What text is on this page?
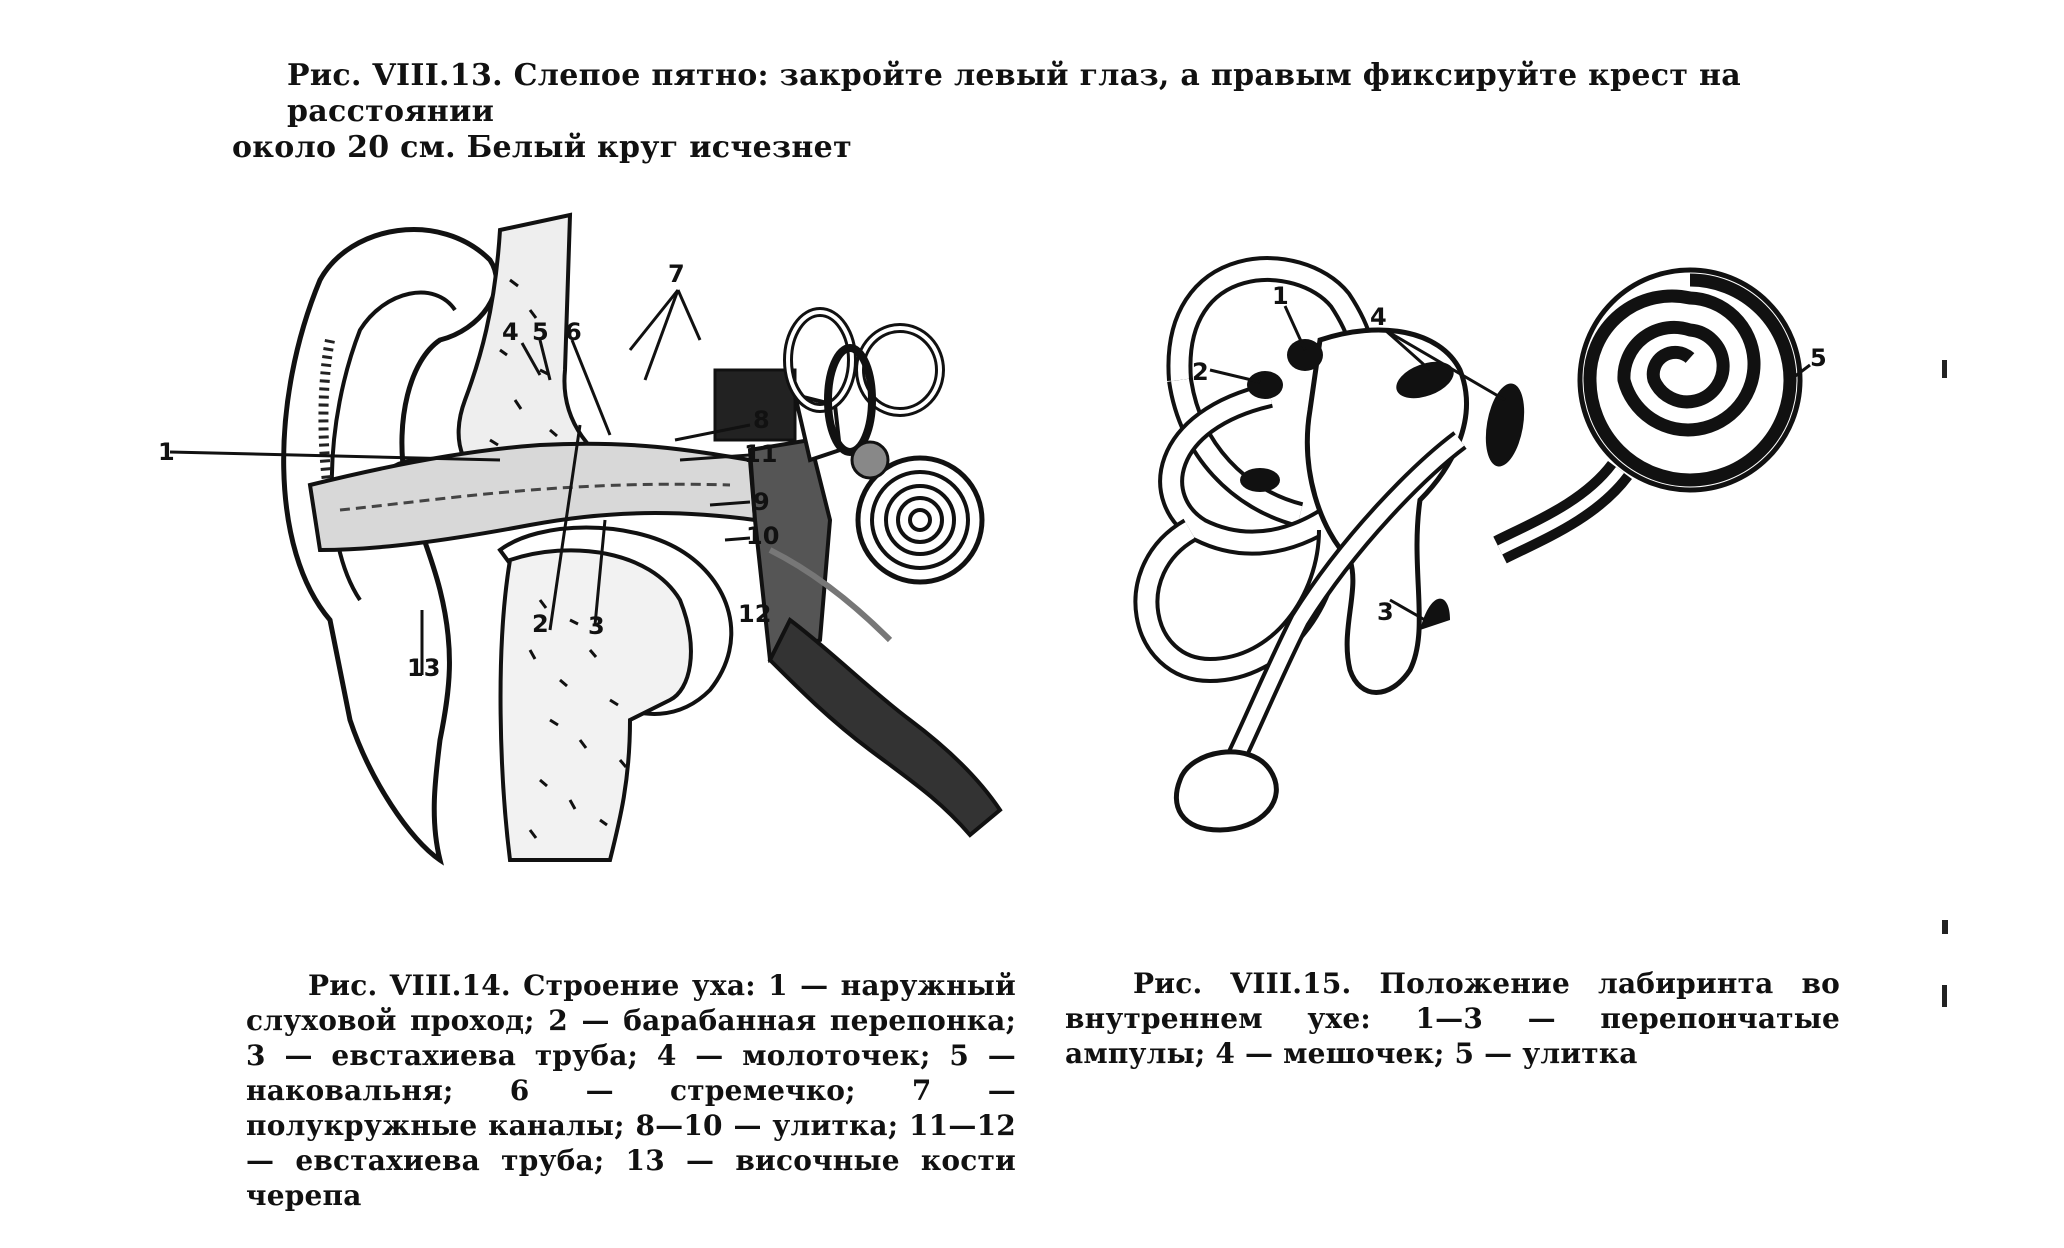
Рис. VIII.13. Слепое пятно: закройте левый глаз, а правым фиксируйте крест на расстоянии
около 20 см. Белый круг исчезнет
1
2 3
4 5 6
7
8
9
10
11
12
13
1
2
3
4
5
Рис. VIII.14. Строение уха: 1 — наружный слуховой проход; 2 — барабанная перепонка; 3 — евстахиева труба; 4 — молоточек; 5 — наковальня; 6 — стремечко; 7 — полукружные каналы; 8—10 — улитка; 11—12 — евстахиева труба; 13 — височные кости черепа
Рис. VIII.15. Положение лабиринта во внутреннем ухе: 1—3 — перепончатые ампулы; 4 — мешочек; 5 — улитка
